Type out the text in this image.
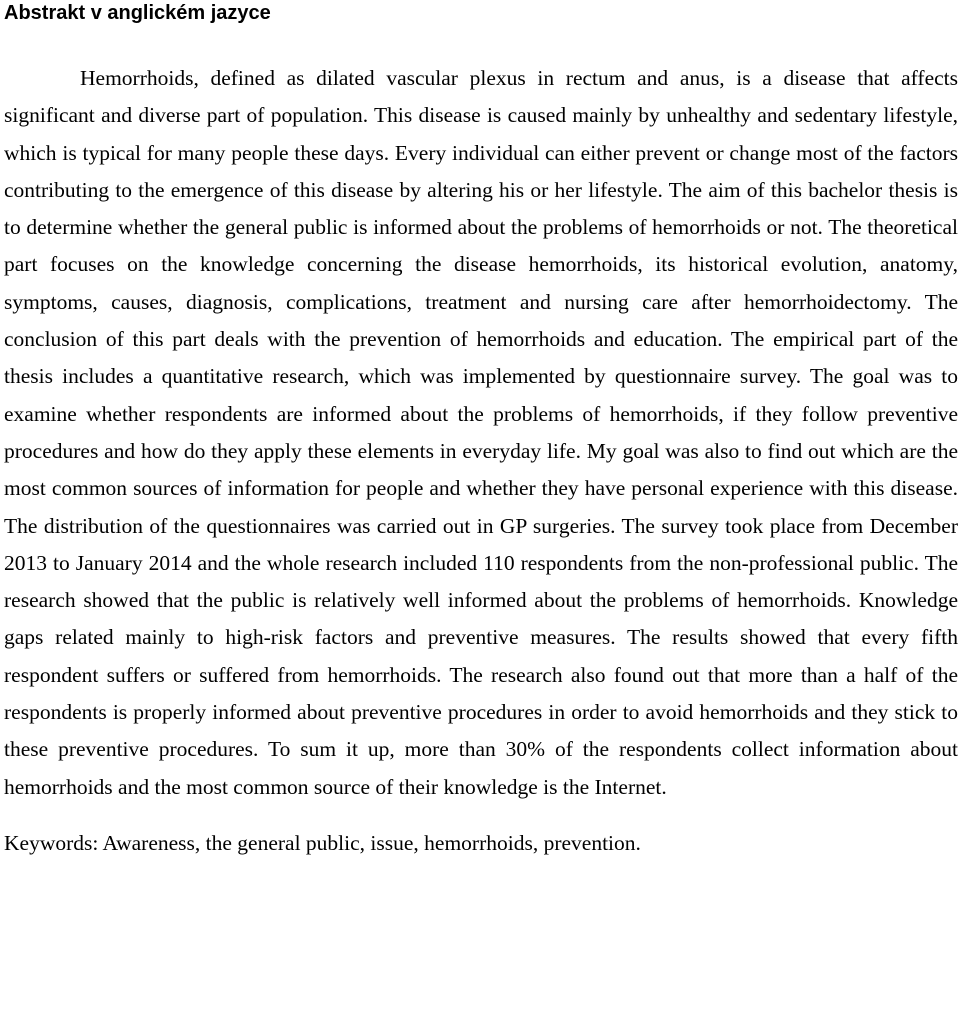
Abstrakt v anglickém jazyce

Hemorrhoids, defined as dilated vascular plexus in rectum and anus, is a disease that affects significant and diverse part of population. This disease is caused mainly by unhealthy and sedentary lifestyle, which is typical for many people these days. Every individual can either prevent or change most of the factors contributing to the emergence of this disease by altering his or her lifestyle. The aim of this bachelor thesis is to determine whether the general public is informed about the problems of hemorrhoids or not. The theoretical part focuses on the knowledge concerning the disease hemorrhoids, its historical evolution, anatomy, symptoms, causes, diagnosis, complications, treatment and nursing care after hemorrhoidectomy. The conclusion of this part deals with the prevention of hemorrhoids and education. The empirical part of the thesis includes a quantitative research, which was implemented by questionnaire survey. The goal was to examine whether respondents are informed about the problems of hemorrhoids, if they follow preventive procedures and how do they apply these elements in everyday life. My goal was also to find out which are the most common sources of information for people and whether they have personal experience with this disease. The distribution of the questionnaires was carried out in GP surgeries. The survey took place from December 2013 to January 2014 and the whole research included 110 respondents from the non-professional public. The research showed that the public is relatively well informed about the problems of hemorrhoids. Knowledge gaps related mainly to high-risk factors and preventive measures. The results showed that every fifth respondent suffers or suffered from hemorrhoids. The research also found out that more than a half of the respondents is properly informed about preventive procedures in order to avoid hemorrhoids and they stick to these preventive procedures. To sum it up, more than 30% of the respondents collect information about hemorrhoids and the most common source of their knowledge is the Internet.

Keywords: Awareness, the general public, issue, hemorrhoids, prevention.
